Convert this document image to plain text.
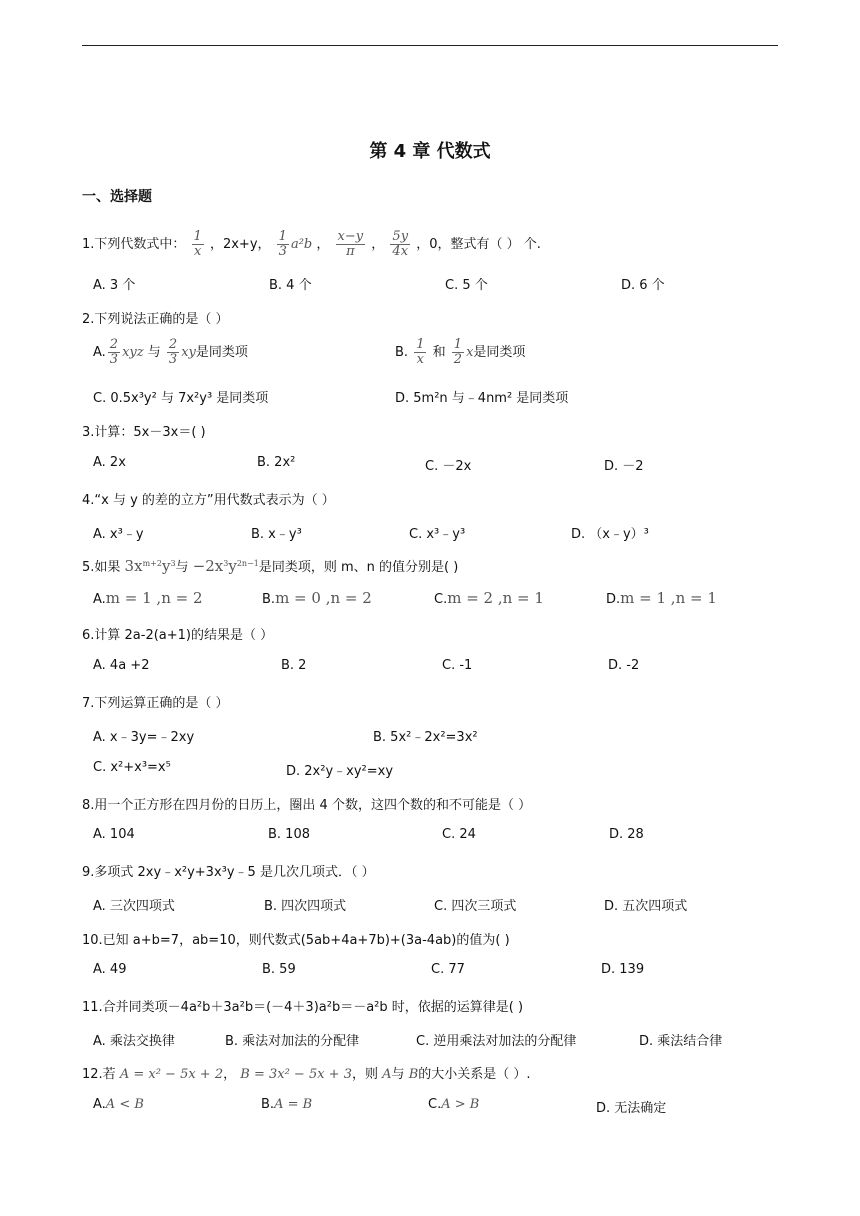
第 4 章 代数式
一、选择题
1.下列代数式中： $\frac{1}{x}$ ，2x+y， $\frac{1}{3} a^2b$ ， $\frac{x-y}{\pi}$ ， $\frac{5y}{4x}$ ，0，整式有（ ） 个.
A. 3 个	B. 4 个	C. 5 个	D. 6 个
2.下列说法正确的是（ ）
A. $\frac{2}{3}$ xyz 与 $\frac{2}{3}$ xy是同类项	B. $\frac{1}{x}$ 和 $\frac{1}{2}$ x是同类项
C. 0.5x³y² 与 7x²y³ 是同类项	D. 5m²n 与﹣4nm² 是同类项
3.计算：5x－3x＝( )
A. 2x	B. 2x²	C. －2x	D. －2
4.“x 与 y 的差的立方”用代数式表示为（ ）
A. x³﹣y	B. x﹣y³	C. x³﹣y³	D. （x﹣y）³
5.如果 $3x^{m+2}y^3$与 $-2x^3y^{2n-1}$是同类项，则 m、n 的值分别是( )
A.m = 1 ,n = 2	B.m = 0 ,n = 2	C.m = 2 ,n = 1	D.m = 1 ,n = 1
6.计算 2a-2(a+1)的结果是（ ）
A. 4a +2	B. 2	C. -1	D. -2
7.下列运算正确的是（ ）
A. x﹣3y=﹣2xy	B. 5x²﹣2x²=3x²
C. x²+x³=x⁵	D. 2x²y﹣xy²=xy
8.用一个正方形在四月份的日历上，圈出 4 个数，这四个数的和不可能是（ ）
A. 104	B. 108	C. 24	D. 28
9.多项式 2xy﹣x²y+3x³y﹣5 是几次几项式．（ ）
A. 三次四项式	B. 四次四项式	C. 四次三项式	D. 五次四项式
10.已知 a+b=7，ab=10，则代数式(5ab+4a+7b)+(3a-4ab)的值为( )
A. 49	B. 59	C. 77	D. 139
11.合并同类项－4a²b＋3a²b＝(－4＋3)a²b＝－a²b 时，依据的运算律是( )
A. 乘法交换律	B. 乘法对加法的分配律	C. 逆用乘法对加法的分配律	D. 乘法结合律
12.若 A = x² − 5x + 2， B = 3x² − 5x + 3，则 A与 B的大小关系是（ ）.
A.A < B	B.A = B	C.A > B	D. 无法确定
